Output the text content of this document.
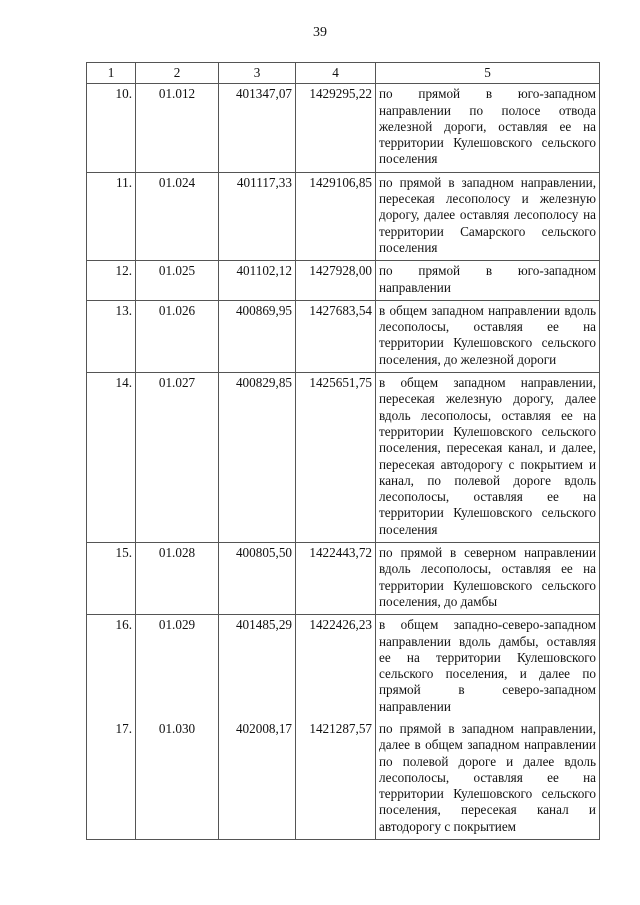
39
1	2	3	4	5
10.	01.012	401347,07	1429295,22	по прямой в юго-западном направлении по полосе отвода железной дороги, оставляя ее на территории Кулешовского сельского поселения
11.	01.024	401117,33	1429106,85	по прямой в западном направлении, пересекая лесополосу и железную дорогу, далее оставляя лесополосу на территории Самарского сельского поселения
12.	01.025	401102,12	1427928,00	по прямой в юго-западном направлении
13.	01.026	400869,95	1427683,54	в общем западном направлении вдоль лесополосы, оставляя ее на территории Кулешовского сельского поселения, до железной дороги
14.	01.027	400829,85	1425651,75	в общем западном направлении, пересекая железную дорогу, далее вдоль лесополосы, оставляя ее на территории Кулешовского сельского поселения, пересекая канал, и далее, пересекая автодорогу с покрытием и канал, по полевой дороге вдоль лесополосы, оставляя ее на территории Кулешовского сельского поселения
15.	01.028	400805,50	1422443,72	по прямой в северном направлении вдоль лесополосы, оставляя ее на территории Кулешовского сельского поселения, до дамбы
16.	01.029	401485,29	1422426,23	в общем западно-северо-западном направлении вдоль дамбы, оставляя ее на территории Кулешовского сельского поселения, и далее по прямой в северо-западном направлении
17.	01.030	402008,17	1421287,57	по прямой в западном направлении, далее в общем западном направлении по полевой дороге и далее вдоль лесополосы, оставляя ее на территории Кулешовского сельского поселения, пересекая канал и автодорогу с покрытием
